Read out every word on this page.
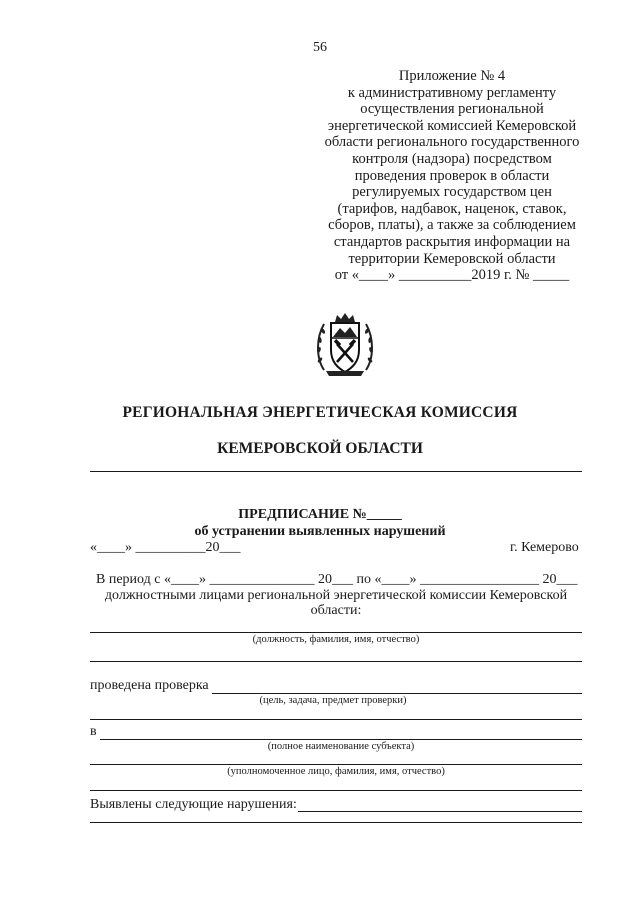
56
Приложение № 4
к административному регламенту
осуществления региональной
энергетической комиссией Кемеровской
области регионального государственного
контроля (надзора) посредством
проведения проверок в области
регулируемых государством цен
(тарифов, надбавок, наценок, ставок,
сборов, платы), а также за соблюдением
стандартов раскрытия информации на
территории Кемеровской области
от «____» __________2019 г. № _____
РЕГИОНАЛЬНАЯ ЭНЕРГЕТИЧЕСКАЯ КОМИССИЯ
КЕМЕРОВСКОЙ ОБЛАСТИ
ПРЕДПИСАНИЕ №_____
об устранении выявленных нарушений
«____» __________20___	г. Кемерово
В период с «____» _______________ 20___ по «____» _________________ 20___
должностными лицами региональной энергетической комиссии Кемеровской
области:
(должность, фамилия, имя, отчество)
проведена проверка
(цель, задача, предмет проверки)
в
(полное наименование субъекта)
(уполномоченное лицо, фамилия, имя, отчество)
Выявлены следующие нарушения:
